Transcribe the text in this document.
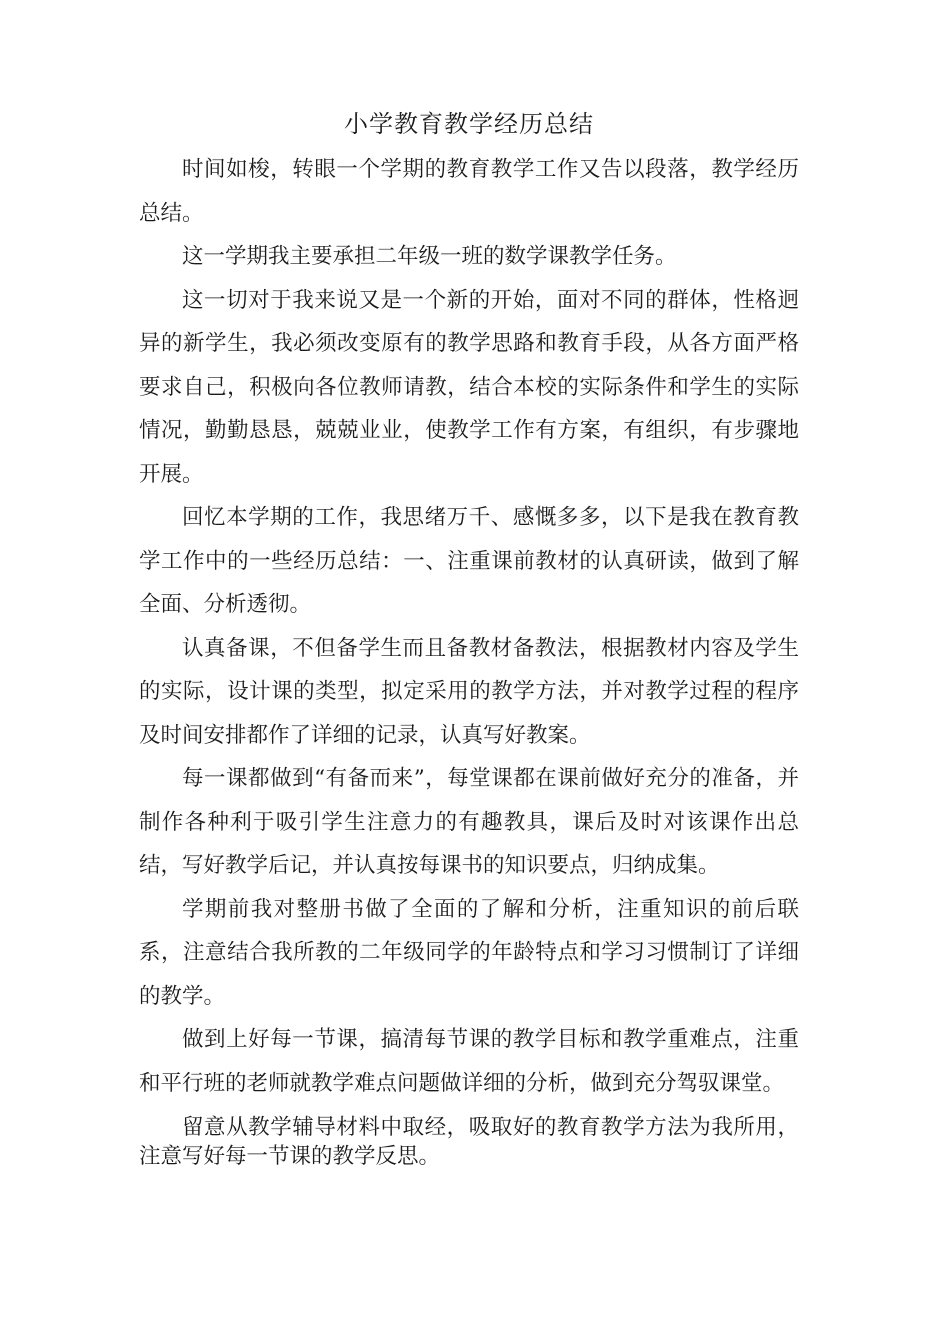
小学教育教学经历总结

时间如梭，转眼一个学期的教育教学工作又告以段落，教学经历总结。

这一学期我主要承担二年级一班的数学课教学任务。

这一切对于我来说又是一个新的开始，面对不同的群体，性格迥异的新学生，我必须改变原有的教学思路和教育手段，从各方面严格要求自己，积极向各位教师请教，结合本校的实际条件和学生的实际情况，勤勤恳恳，兢兢业业，使教学工作有方案，有组织，有步骤地开展。

回忆本学期的工作，我思绪万千、感慨多多，以下是我在教育教学工作中的一些经历总结：一、注重课前教材的认真研读，做到了解全面、分析透彻。

认真备课，不但备学生而且备教材备教法，根据教材内容及学生的实际，设计课的类型，拟定采用的教学方法，并对教学过程的程序及时间安排都作了详细的记录，认真写好教案。

每一课都做到“有备而来”，每堂课都在课前做好充分的准备，并制作各种利于吸引学生注意力的有趣教具，课后及时对该课作出总结，写好教学后记，并认真按每课书的知识要点，归纳成集。

学期前我对整册书做了全面的了解和分析，注重知识的前后联系，注意结合我所教的二年级同学的年龄特点和学习习惯制订了详细的教学。

做到上好每一节课，搞清每节课的教学目标和教学重难点，注重和平行班的老师就教学难点问题做详细的分析，做到充分驾驭课堂。

留意从教学辅导材料中取经，吸取好的教育教学方法为我所用，注意写好每一节课的教学反思。
